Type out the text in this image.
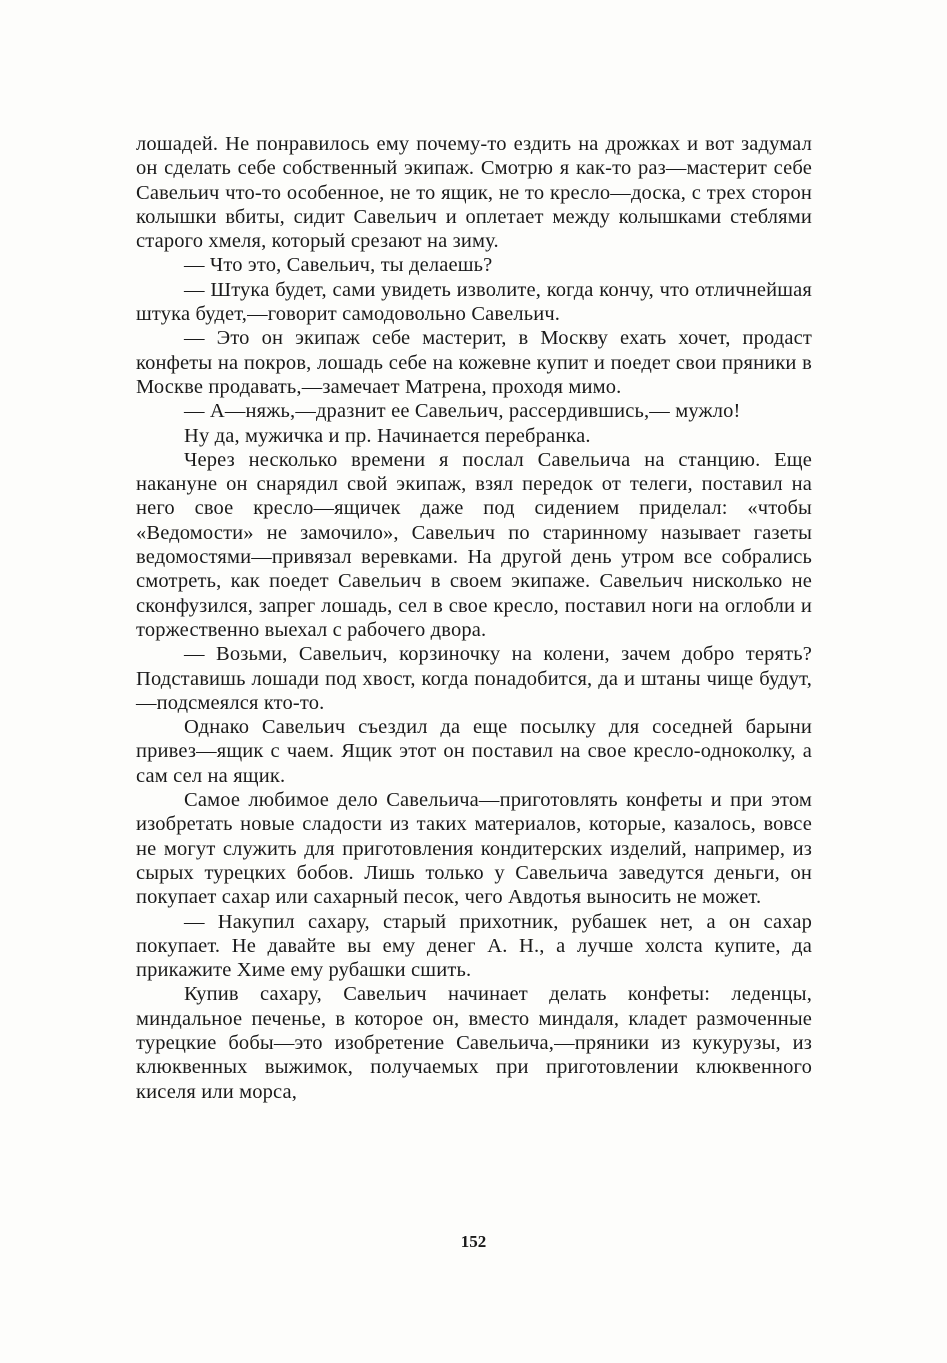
лошадей. Не понравилось ему почему-то ездить на дрожках и вот задумал он сделать себе собственный экипаж. Смотрю я как-то раз—мастерит себе Савельич что-то особенное, не то ящик, не то кресло—доска, с трех сторон колышки вбиты, сидит Савельич и оплетает между колышками стеблями старого хмеля, который срезают на зиму.

— Что это, Савельич, ты делаешь?

— Штука будет, сами увидеть изволите, когда кончу, что отличнейшая штука будет,—говорит самодовольно Савельич.

— Это он экипаж себе мастерит, в Москву ехать хочет, продаст конфеты на покров, лошадь себе на кожевне купит и поедет свои пряники в Москве продавать,—замечает Матрена, проходя мимо.

— А—няжь,—дразнит ее Савельич, рассердившись,— мужло!

Ну да, мужичка и пр. Начинается перебранка.

Через несколько времени я послал Савельича на станцию. Еще накануне он снарядил свой экипаж, взял передок от телеги, поставил на него свое кресло—ящичек даже под сидением приделал: «чтобы «Ведомости» не замочило», Савельич по старинному называет газеты ведомостями—привязал веревками. На другой день утром все собрались смотреть, как поедет Савельич в своем экипаже. Савельич нисколько не сконфузился, запрег лошадь, сел в свое кресло, поставил ноги на оглобли и торжественно выехал с рабочего двора.

— Возьми, Савельич, корзиночку на колени, зачем добро терять? Подставишь лошади под хвост, когда понадобится, да и штаны чище будут,—подсмеялся кто-то.

Однако Савельич съездил да еще посылку для соседней барыни привез—ящик с чаем. Ящик этот он поставил на свое кресло-одноколку, а сам сел на ящик.

Самое любимое дело Савельича—приготовлять конфеты и при этом изобретать новые сладости из таких материалов, которые, казалось, вовсе не могут служить для приготовления кондитерских изделий, например, из сырых турецких бобов. Лишь только у Савельича заведутся деньги, он покупает сахар или сахарный песок, чего Авдотья выносить не может.

— Накупил сахару, старый прихотник, рубашек нет, а он сахар покупает. Не давайте вы ему денег А. Н., а лучше холста купите, да прикажите Химе ему рубашки сшить.

Купив сахару, Савельич начинает делать конфеты: леденцы, миндальное печенье, в которое он, вместо миндаля, кладет размоченные турецкие бобы—это изобретение Савельича,—пряники из кукурузы, из клюквенных выжимок, получаемых при приготовлении клюквенного киселя или морса,

152
